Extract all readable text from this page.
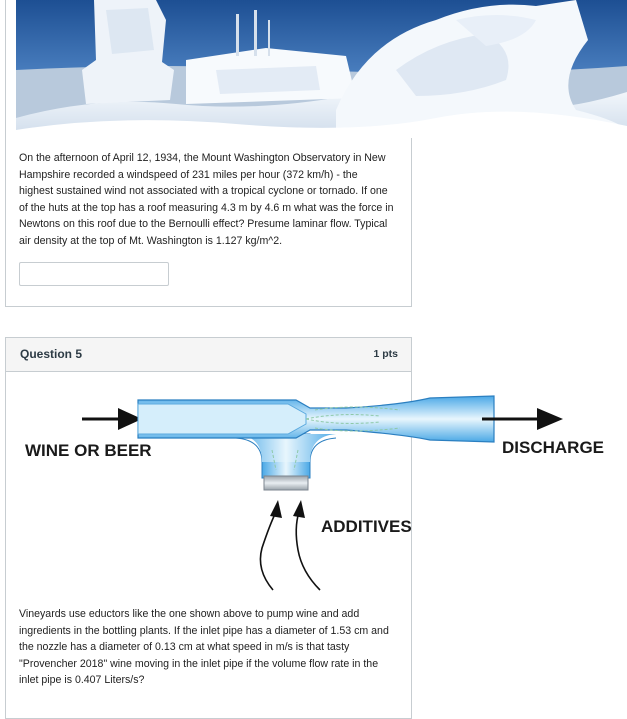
On the afternoon of April 12, 1934, the Mount Washington Observatory in New Hampshire recorded a windspeed of 231 miles per hour (372 km/h) - the highest sustained wind not associated with a tropical cyclone or tornado. If one of the huts at the top has a roof measuring 4.3 m by 4.6 m what was the force in Newtons on this roof due to the Bernoulli effect? Presume laminar flow. Typical air density at the top of Mt. Washington is 1.127 kg/m^2.

Question 5	1 pts
WINE OR BEER	DISCHARGE
ADDITIVES

Vineyards use eductors like the one shown above to pump wine and add ingredients in the bottling plants. If the inlet pipe has a diameter of 1.53 cm and the nozzle has a diameter of 0.13 cm at what speed in m/s is that tasty "Provencher 2018" wine moving in the inlet pipe if the volume flow rate in the inlet pipe is 0.407 Liters/s?
